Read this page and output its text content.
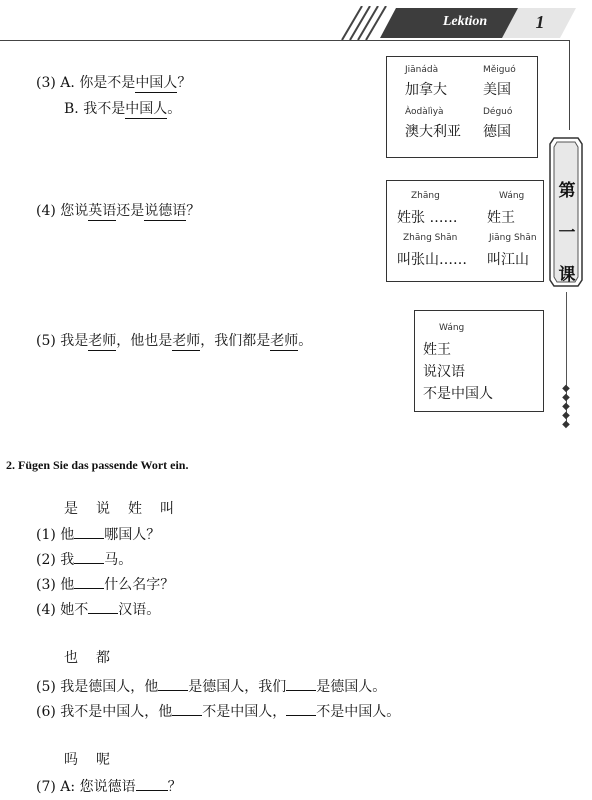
Lektion	1
第
一
课
◆
◆
◆
◆
◆
(3) A. 你是不是中国人？
B. 我不是中国人。
Jiānádà	Měiguó
加拿大	美国
Àodàlìyà	Déguó
澳大利亚 德国
(4) 您说英语还是说德语？
Zhāng	Wáng
姓张 …… 姓王
Zhāng Shān	Jiāng Shān
叫张山…… 叫江山
(5) 我是老师，他也是老师，我们都是老师。
Wáng
姓王
说汉语
不是中国人
2. Fügen Sie das passende Wort ein.
是　说　姓　叫
(1) 他 哪国人？
(2) 我 马。
(3) 他 什么名字？
(4) 她不 汉语。
也　都
(5) 我是德国人，他 是德国人，我们 是德国人。
(6) 我不是中国人，他 不是中国人， 不是中国人。
吗　呢
(7) A: 您说德语 ？
